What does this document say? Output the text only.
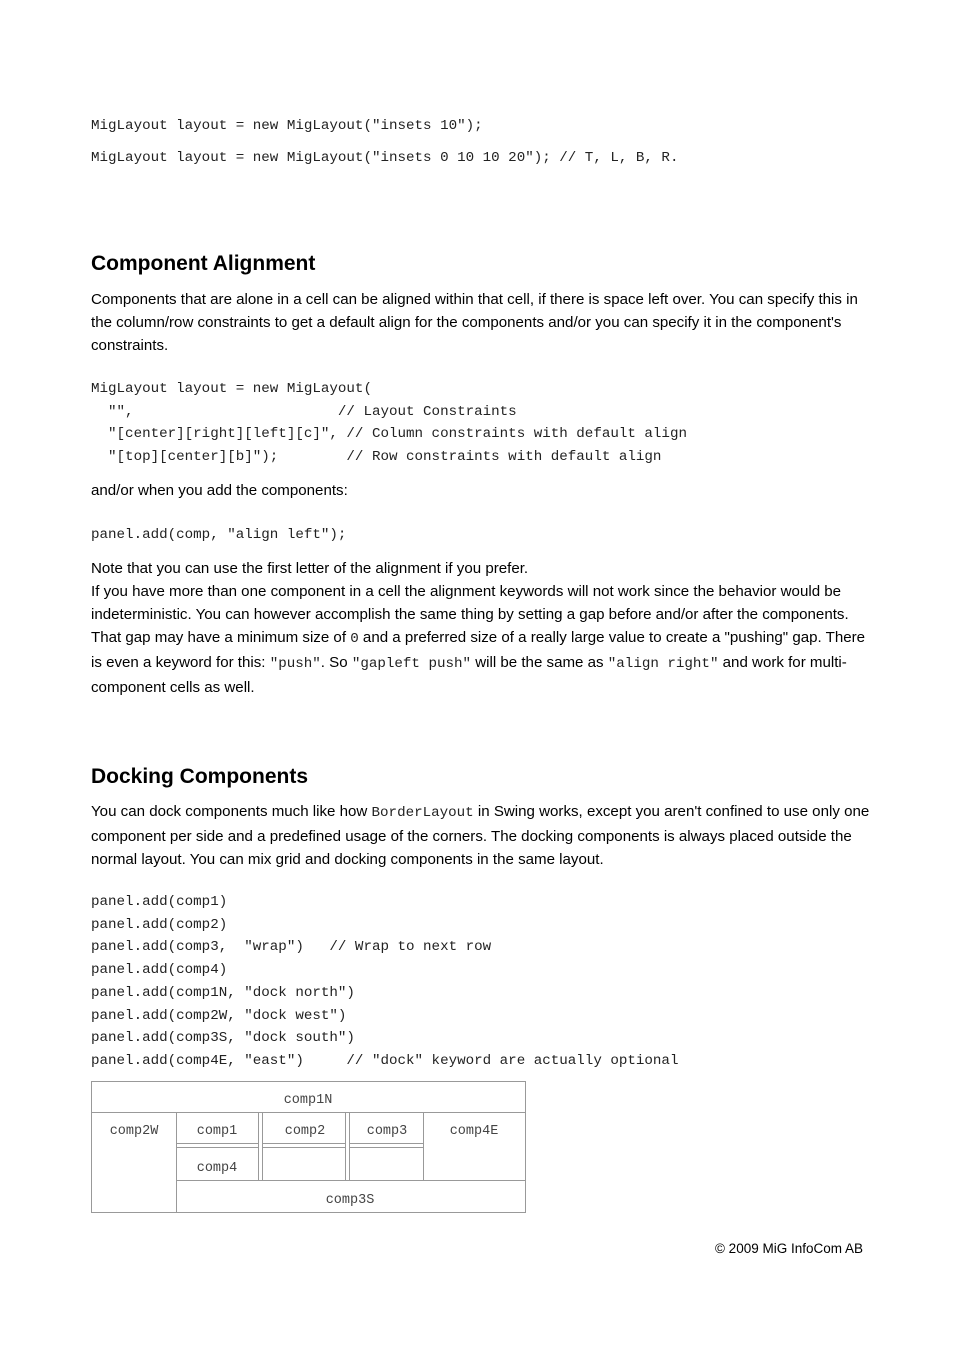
MigLayout layout = new MigLayout("insets 10");
MigLayout layout = new MigLayout("insets 0 10 10 20"); // T, L, B, R.
Component Alignment

Components that are alone in a cell can be aligned within that cell, if there is space left over. You can specify this in the column/row constraints to get a default align for the components and/or you can specify it in the component's constraints.

MigLayout layout = new MigLayout(
"",                        // Layout Constraints
"[center][right][left][c]", // Column constraints with default align
"[top][center][b]");        // Row constraints with default align

and/or when you add the components:

panel.add(comp, "align left");

Note that you can use the first letter of the alignment if you prefer.

If you have more than one component in a cell the alignment keywords will not work since the behavior would be indeterministic. You can however accomplish the same thing by setting a gap before and/or after the components. That gap may have a minimum size of 0 and a preferred size of a really large value to create a "pushing" gap. There is even a keyword for this: "push". So "gapleft push" will be the same as "align right" and work for multi-component cells as well.

Docking Components

You can dock components much like how BorderLayout in Swing works, except you aren't confined to use only one component per side and a predefined usage of the corners. The docking components is always placed outside the normal layout. You can mix grid and docking components in the same layout.

panel.add(comp1)
panel.add(comp2)
panel.add(comp3,  "wrap")   // Wrap to next row
panel.add(comp4)
panel.add(comp1N, "dock north")
panel.add(comp2W, "dock west")
panel.add(comp3S, "dock south")
panel.add(comp4E, "east")     // "dock" keyword are actually optional
comp1N
comp2W	comp1	comp2	comp3	comp4E
comp4
comp3S
© 2009 MiG InfoCom AB
